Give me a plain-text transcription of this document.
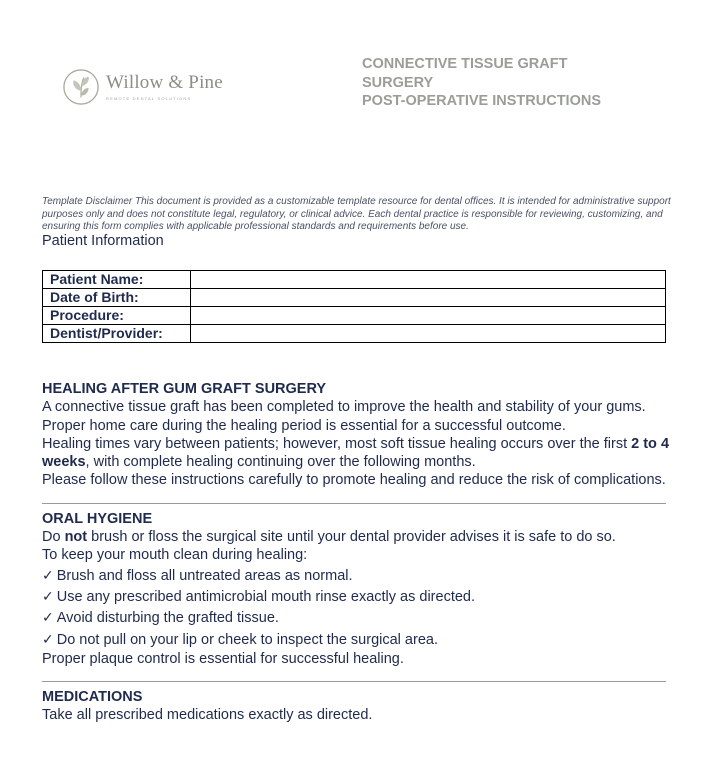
Willow & Pine
REMOTE DENTAL SOLUTIONS
CONNECTIVE TISSUE GRAFT
SURGERY
POST-OPERATIVE INSTRUCTIONS
Template Disclaimer This document is provided as a customizable template resource for dental offices. It is intended for administrative support purposes only and does not constitute legal, regulatory, or clinical advice. Each dental practice is responsible for reviewing, customizing, and ensuring this form complies with applicable professional standards and requirements before use.
Patient Information
Patient Name:	
Date of Birth:	
Procedure:	
Dentist/Provider:	
HEALING AFTER GUM GRAFT SURGERY

A connective tissue graft has been completed to improve the health and stability of your gums. Proper home care during the healing period is essential for a successful outcome.

Healing times vary between patients; however, most soft tissue healing occurs over the first 2 to 4 weeks, with complete healing continuing over the following months.

Please follow these instructions carefully to promote healing and reduce the risk of complications.

ORAL HYGIENE

Do not brush or floss the surgical site until your dental provider advises it is safe to do so.

To keep your mouth clean during healing:

✓ Brush and floss all untreated areas as normal.

✓ Use any prescribed antimicrobial mouth rinse exactly as directed.

✓ Avoid disturbing the grafted tissue.

✓ Do not pull on your lip or cheek to inspect the surgical area.

Proper plaque control is essential for successful healing.

MEDICATIONS

Take all prescribed medications exactly as directed.
